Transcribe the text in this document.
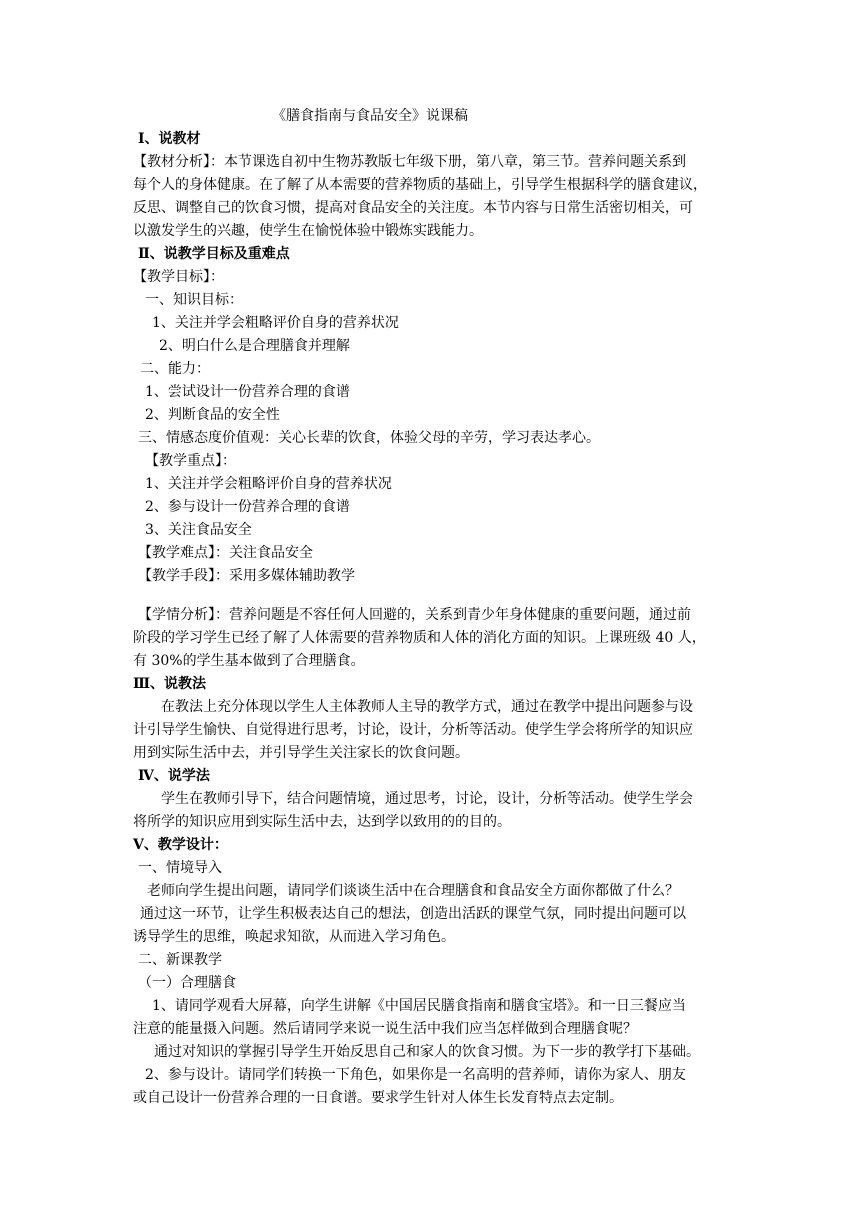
《膳食指南与食品安全》说课稿
Ⅰ、说教材
【教材分析】：本节课选自初中生物苏教版七年级下册，第八章，第三节。营养问题关系到
每个人的身体健康。在了解了从本需要的营养物质的基础上，引导学生根据科学的膳食建议，
反思、调整自己的饮食习惯，提高对食品安全的关注度。本节内容与日常生活密切相关，可
以激发学生的兴趣，使学生在愉悦体验中锻炼实践能力。
Ⅱ、说教学目标及重难点
【教学目标】：
一、知识目标：
1、关注并学会粗略评价自身的营养状况
2、明白什么是合理膳食并理解
二、能力：
1、尝试设计一份营养合理的食谱
2、判断食品的安全性
三、情感态度价值观：关心长辈的饮食，体验父母的辛劳，学习表达孝心。
【教学重点】：
1、关注并学会粗略评价自身的营养状况
2、参与设计一份营养合理的食谱
3、关注食品安全
【教学难点】：关注食品安全
【教学手段】：采用多媒体辅助教学
【学情分析】：营养问题是不容任何人回避的，关系到青少年身体健康的重要问题，通过前
阶段的学习学生已经了解了人体需要的营养物质和人体的消化方面的知识。上课班级 40 人，
有 30%的学生基本做到了合理膳食。
Ⅲ、说教法
在教法上充分体现以学生人主体教师人主导的教学方式，通过在教学中提出问题参与设
计引导学生愉快、自觉得进行思考，讨论，设计，分析等活动。使学生学会将所学的知识应
用到实际生活中去，并引导学生关注家长的饮食问题。
Ⅳ、说学法
学生在教师引导下，结合问题情境，通过思考，讨论，设计，分析等活动。使学生学会
将所学的知识应用到实际生活中去，达到学以致用的的目的。
Ⅴ、教学设计：
一、情境导入
老师向学生提出问题，请同学们谈谈生活中在合理膳食和食品安全方面你都做了什么？
通过这一环节，让学生积极表达自己的想法，创造出活跃的课堂气氛，同时提出问题可以
诱导学生的思维，唤起求知欲，从而进入学习角色。
二、新课教学
（一）合理膳食
1、请同学观看大屏幕，向学生讲解《中国居民膳食指南和膳食宝塔》。和一日三餐应当
注意的能量摄入问题。然后请同学来说一说生活中我们应当怎样做到合理膳食呢？
通过对知识的掌握引导学生开始反思自己和家人的饮食习惯。为下一步的教学打下基础。
2、参与设计。请同学们转换一下角色，如果你是一名高明的营养师，请你为家人、朋友
或自己设计一份营养合理的一日食谱。要求学生针对人体生长发育特点去定制。
